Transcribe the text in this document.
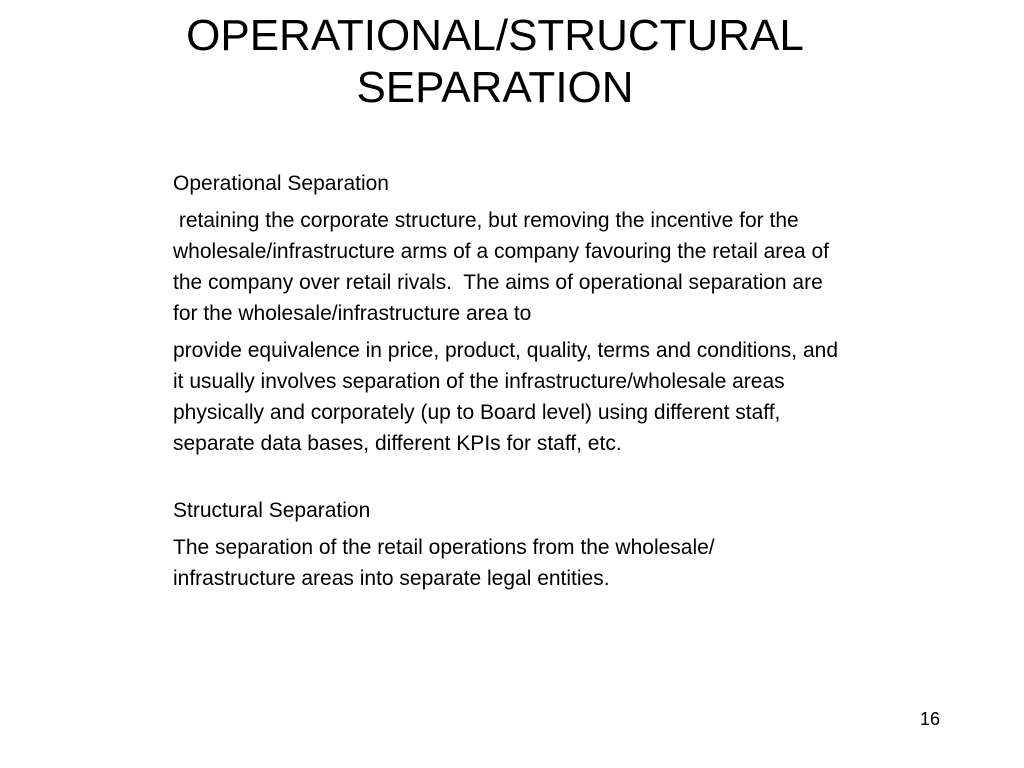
OPERATIONAL/STRUCTURAL
SEPARATION

Operational Separation

retaining the corporate structure, but removing the incentive for the wholesale/infrastructure arms of a company favouring the retail area of the company over retail rivals.  The aims of operational separation are for the wholesale/infrastructure area to

provide equivalence in price, product, quality, terms and conditions, and it usually involves separation of the infrastructure/wholesale areas physically and corporately (up to Board level) using different staff, separate data bases, different KPIs for staff, etc.

Structural Separation

The separation of the retail operations from the wholesale/ infrastructure areas into separate legal entities.

16
